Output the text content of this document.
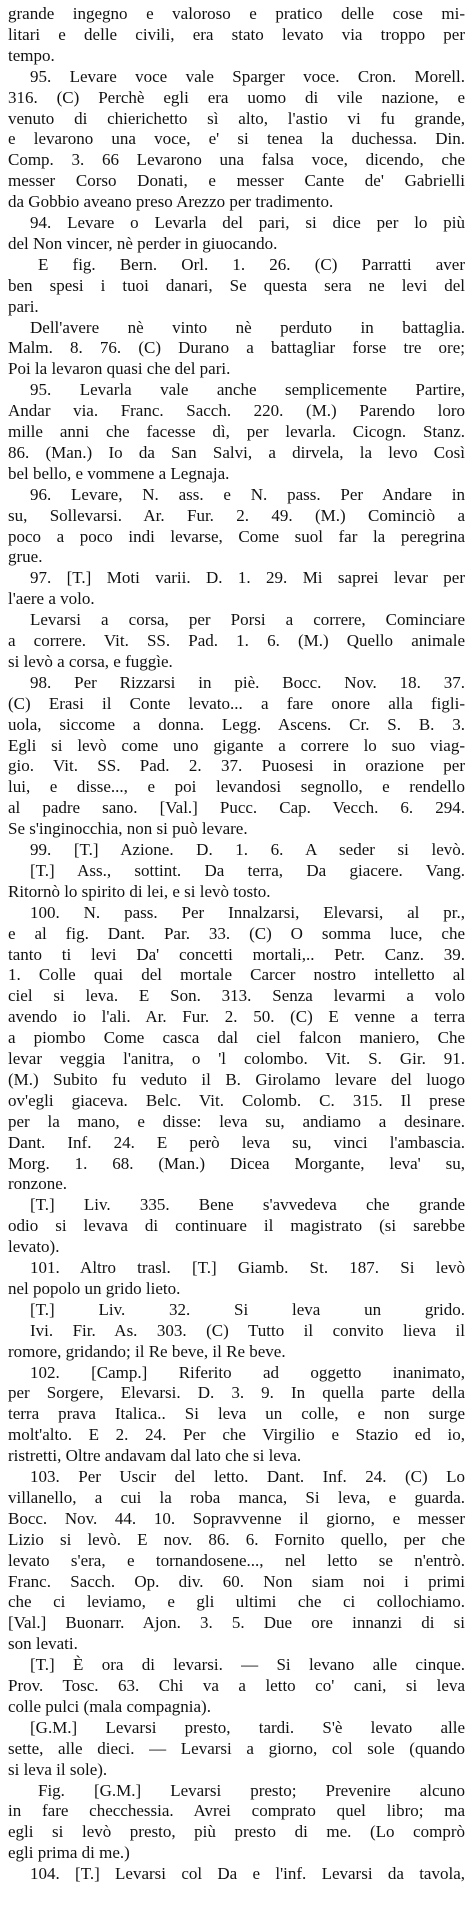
grande ingegno e valoroso e pratico delle cose mi-
litari e delle civili, era stato levato via troppo per
tempo.
95. Levare voce vale Sparger voce. Cron. Morell.
316. (C) Perchè egli era uomo di vile nazione, e
venuto di chierichetto sì alto, l'astio vi fu grande,
e levarono una voce, e' si tenea la duchessa. Din.
Comp. 3. 66 Levarono una falsa voce, dicendo, che
messer Corso Donati, e messer Cante de' Gabrielli
da Gobbio aveano preso Arezzo per tradimento.
94. Levare o Levarla del pari, si dice per lo più
del Non vincer, nè perder in giuocando.
E fig. Bern. Orl. 1. 26. (C) Parratti aver
ben spesi i tuoi danari, Se questa sera ne levi del
pari.
Dell'avere nè vinto nè perduto in battaglia.
Malm. 8. 76. (C) Durano a battagliar forse tre ore;
Poi la levaron quasi che del pari.
95. Levarla vale anche semplicemente Partire,
Andar via. Franc. Sacch. 220. (M.) Parendo loro
mille anni che facesse dì, per levarla. Cicogn. Stanz.
86. (Man.) Io da San Salvi, a dirvela, la levo Così
bel bello, e vommene a Legnaja.
96. Levare, N. ass. e N. pass. Per Andare in
su, Sollevarsi. Ar. Fur. 2. 49. (M.) Cominciò a
poco a poco indi levarse, Come suol far la peregrina
grue.
97. [T.] Moti varii. D. 1. 29. Mi saprei levar per
l'aere a volo.
Levarsi a corsa, per Porsi a correre, Cominciare
a correre. Vit. SS. Pad. 1. 6. (M.) Quello animale
si levò a corsa, e fuggìe.
98. Per Rizzarsi in piè. Bocc. Nov. 18. 37.
(C) Erasi il Conte levato... a fare onore alla figli-
uola, siccome a donna. Legg. Ascens. Cr. S. B. 3.
Egli si levò come uno gigante a correre lo suo viag-
gio. Vit. SS. Pad. 2. 37. Puosesi in orazione per
lui, e disse..., e poi levandosi segnollo, e rendello
al padre sano. [Val.] Pucc. Cap. Vecch. 6. 294.
Se s'inginocchia, non si può levare.
99. [T.] Azione. D. 1. 6. A seder si levò.
[T.] Ass., sottint. Da terra, Da giacere. Vang.
Ritornò lo spirito di lei, e si levò tosto.
100. N. pass. Per Innalzarsi, Elevarsi, al pr.,
e al fig. Dant. Par. 33. (C) O somma luce, che
tanto ti levi Da' concetti mortali,.. Petr. Canz. 39.
1. Colle quai del mortale Carcer nostro intelletto al
ciel si leva. E Son. 313. Senza levarmi a volo
avendo io l'ali. Ar. Fur. 2. 50. (C) E venne a terra
a piombo Come casca dal ciel falcon maniero, Che
levar veggia l'anitra, o 'l colombo. Vit. S. Gir. 91.
(M.) Subito fu veduto il B. Girolamo levare del luogo
ov'egli giaceva. Belc. Vit. Colomb. C. 315. Il prese
per la mano, e disse: leva su, andiamo a desinare.
Dant. Inf. 24. E però leva su, vinci l'ambascia.
Morg. 1. 68. (Man.) Dicea Morgante, leva' su,
ronzone.
[T.] Liv. 335. Bene s'avvedeva che grande
odio si levava di continuare il magistrato (si sarebbe
levato).
101. Altro trasl. [T.] Giamb. St. 187. Si levò
nel popolo un grido lieto.
[T.] Liv. 32. Si leva un grido.
Ivi. Fir. As. 303. (C) Tutto il convito lieva il
romore, gridando; il Re beve, il Re beve.
102. [Camp.] Riferito ad oggetto inanimato,
per Sorgere, Elevarsi. D. 3. 9. In quella parte della
terra prava Italica.. Si leva un colle, e non surge
molt'alto. E 2. 24. Per che Virgilio e Stazio ed io,
ristretti, Oltre andavam dal lato che si leva.
103. Per Uscir del letto. Dant. Inf. 24. (C) Lo
villanello, a cui la roba manca, Si leva, e guarda.
Bocc. Nov. 44. 10. Sopravvenne il giorno, e messer
Lizio si levò. E nov. 86. 6. Fornito quello, per che
levato s'era, e tornandosene..., nel letto se n'entrò.
Franc. Sacch. Op. div. 60. Non siam noi i primi
che ci leviamo, e gli ultimi che ci collochiamo.
[Val.] Buonarr. Ajon. 3. 5. Due ore innanzi di si
son levati.
[T.] È ora di levarsi. — Si levano alle cinque.
Prov. Tosc. 63. Chi va a letto co' cani, si leva
colle pulci (mala compagnia).
[G.M.] Levarsi presto, tardi. S'è levato alle
sette, alle dieci. — Levarsi a giorno, col sole (quando
si leva il sole).
Fig. [G.M.] Levarsi presto; Prevenire alcuno
in fare checchessia. Avrei comprato quel libro; ma
egli si levò presto, più presto di me. (Lo comprò
egli prima di me.)
104. [T.] Levarsi col Da e l'inf. Levarsi da tavola,
